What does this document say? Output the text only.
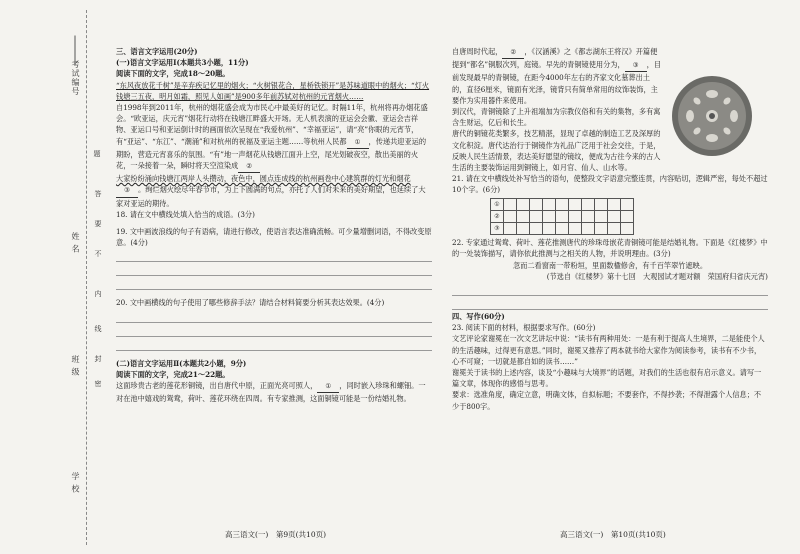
考试编号
姓 名
班 级
学 校
题
答
要
不
内
线
封
密

三、语言文字运用(20分)

(一)语言文字运用Ⅰ(本题共3小题，11分)

阅读下面的文字，完成18～20题。

“东风夜放花千树”是辛弃疾记忆里的烟火；“火树银花合，星桥铁锁开”是苏味道眼中的烟火；“灯火钱塘三五夜，明月如霜，照见人如画”是900多年前苏轼对杭州的元宵烟火……

自1998年到2011年，杭州的烟花盛会成为市民心中最美好的记忆。时隔11年，杭州将再办烟花盛会。“欧亚运，庆元宵”烟花行动将在钱塘江畔盛大开场。无人机表演的亚运会会徽、亚运会吉祥物、亚运口号和亚运倒计时的画面依次呈现在“我爱杭州”、“幸福亚运”，请“亮”你眼的元宵节，有“亚运”、“东江”、“潮涌”和对杭州的祝福及亚运主题……等杭州人民都 ① ，传递共迎亚运的期盼，营造元宵喜乐的氛围。“有”地一声烟花从钱塘江面升上空，尾光划破夜空，散出美丽的火花，一朵接着一朵，瞬时将天空渲染成 ②

大家纷纷涌向钱塘江两岸人头攒动，夜色中，圆点连成线的杭州画卷中心建筑群的灯光和烟花③ 。绚烂烟火绘尽年春节市，为上下圆满的句点，亦托了人们对未来的美好期望，也延续了大家对亚运的期待。

18. 请在文中横线处填入恰当的成语。(3分)

19. 文中画波浪线的句子有语病，请进行修改，使语言表达准确流畅。可少量增删词语，不得改变原意。(4分)

20. 文中画横线的句子使用了哪些修辞手法？请结合材料简要分析其表达效果。(4分)

(二)语言文字运用Ⅱ(本题共2小题，9分)

阅读下面的文字，完成21～22题。

这面珍贵古老的莲花形铜镜，出自唐代中原，正面光亮可照人， ① ，同时嵌入珍珠和螺钿。一对在池中嬉戏的鸳鸯，荷叶、莲花环绕在四周。有专家推测，这面铜镜可能是一份结婚礼物。

高三语文(一)　第9页(共10页)

自唐周时代起， ② ，《汉涵溪》之《都志湖东王将汉》开篇便提到“都名”铜服次列，庭镜。早先的青铜镜使用分为， ③ ，目前发现最早的青铜镜，在距今4000年左右的齐家文化墓葬出土的，直径6厘米，镜面有光泽，镜背只有简单常用的纹饰装饰，主要作为实用器件来使用。

到汉代，青铜镜除了上升祖端加为宗教仪俗和有关的集物，多有寓含生财运，亿后和长生。

唐代的铜镜花类繁多，技艺精湛，显现了卓越的制造工艺及深厚的文化积淀。唐代达治行于铜镜作为礼品广泛用于社会交往，于是，反映人民生活情景，表达美好愿望的镜纹，便成为古往今来的古人生活的主要装饰运用到铜镜上，如月官、仙人、山水等。

21. 请在文中横线处补写恰当的语句，使整段文字语意完整连贯，内容贴切，逻辑严密，每处不超过10个字。(6分)

①										
②										
③										

22. 专家通过鸳鸯、荷叶、莲花推测唐代的珍珠母嵌花青铜镜可能是结婚礼物。下面是《红楼梦》中的一处装饰描写，请你依此推测与之相关的人物，并说明理由。(3分)

忽而二看窗南一带粉垣，里面数楹修舍，有千百竿翠竹遮映。

(节选自《红楼梦》第十七回　大观园试才题对额　荣国府归省庆元宵)

四、写作(60分)

23. 阅读下面的材料，根据要求写作。(60分)

文艺评论家谢冕在一次文艺讲坛中说：“读书有两种用处：一是有利于提高人生境界，二是能使个人的生活趣味，过得更有意思。”同时，谢冕又推荐了两本就书给大家作为阅读参考，读书有不少书，心不可窥；一切就是都自如的读书……”

谢冕关于读书的上述内容，谈及“小趣味与大境界”的话题，对我们的生活也很有启示意义。请写一篇文章，体现你的感悟与思考。

要求：选准角度，确定立意，明确文体，自拟标题；不要套作，不得抄袭；不得泄露个人信息；不少于800字。

高三语文(一)　第10页(共10页)
